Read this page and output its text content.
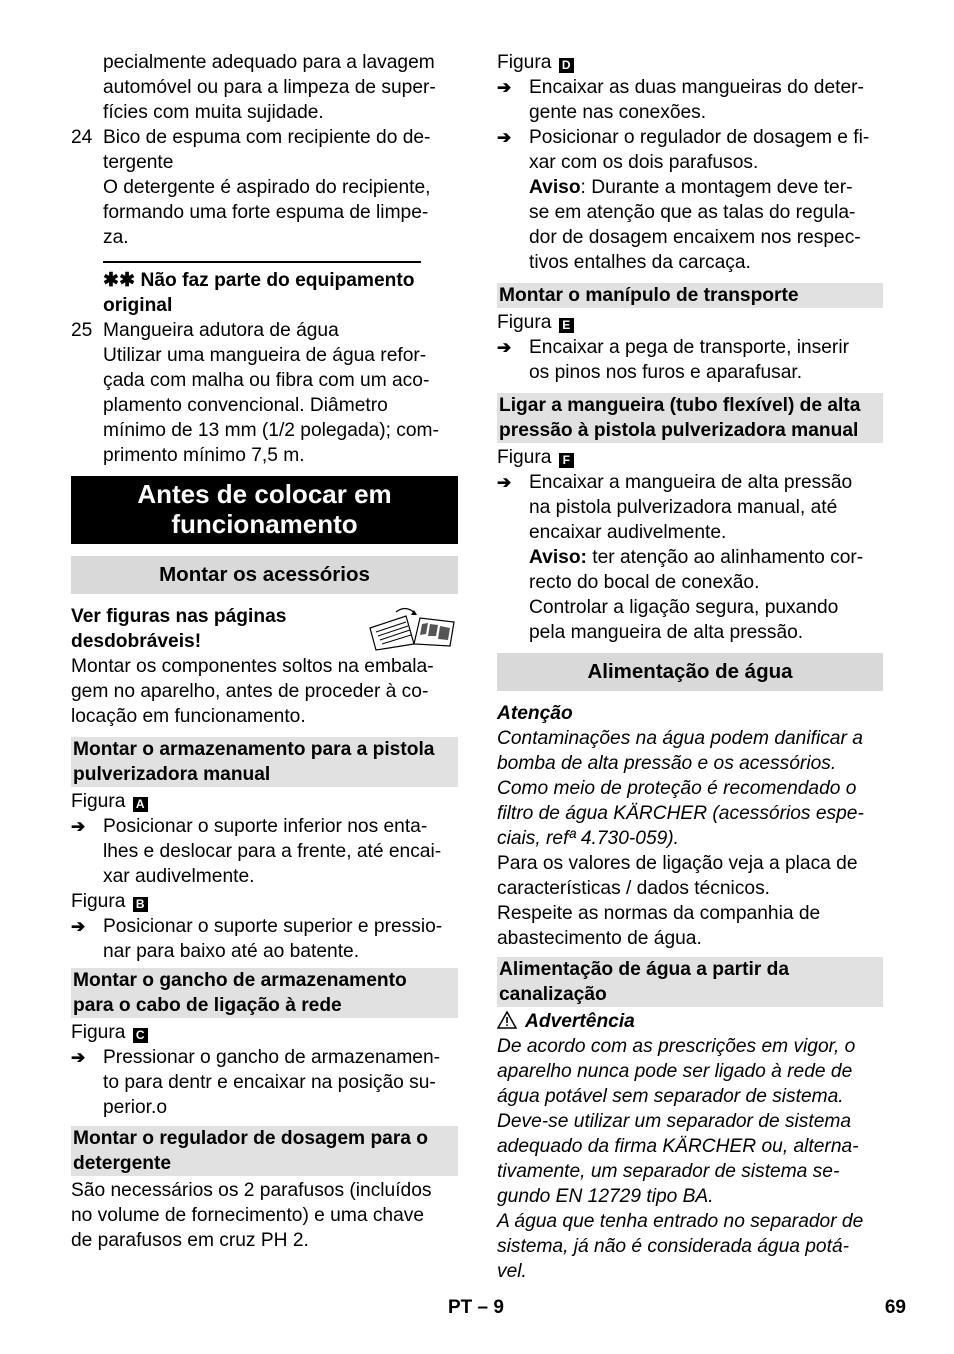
pecialmente adequado para a lavagem

automóvel ou para a limpeza de super-

fícies com muita sujidade.

24 Bico de espuma com recipiente do de-

tergente

O detergente é aspirado do recipiente,

formando uma forte espuma de limpe-

za.

✱✱ Não faz parte do equipamento

original

25 Mangueira adutora de água

Utilizar uma mangueira de água refor-

çada com malha ou fibra com um aco-

plamento convencional. Diâmetro

mínimo de 13 mm (1/2 polegada); com-

primento mínimo 7,5 m.

Antes de colocar em
funcionamento
Montar os acessórios

Ver figuras nas páginas

desdobráveis!

Montar os componentes soltos na embala-

gem no aparelho, antes de proceder à co-

locação em funcionamento.

Montar o armazenamento para a pistola
pulverizadora manual

Figura A

➔ Posicionar o suporte inferior nos enta-

lhes e deslocar para a frente, até encai-

xar audivelmente.

Figura B

➔ Posicionar o suporte superior e pressio-

nar para baixo até ao batente.

Montar o gancho de armazenamento
para o cabo de ligação à rede

Figura C

➔ Pressionar o gancho de armazenamen-

to para dentr e encaixar na posição su-

perior.o

Montar o regulador de dosagem para o
detergente

São necessários os 2 parafusos (incluídos

no volume de fornecimento) e uma chave

de parafusos em cruz PH 2.

Figura D

➔ Encaixar as duas mangueiras do deter-

gente nas conexões.

➔ Posicionar o regulador de dosagem e fi-

xar com os dois parafusos.

Aviso: Durante a montagem deve ter-

se em atenção que as talas do regula-

dor de dosagem encaixem nos respec-

tivos entalhes da carcaça.

Montar o manípulo de transporte

Figura E

➔ Encaixar a pega de transporte, inserir

os pinos nos furos e aparafusar.

Ligar a mangueira (tubo flexível) de alta
pressão à pistola pulverizadora manual

Figura F

➔ Encaixar a mangueira de alta pressão

na pistola pulverizadora manual, até

encaixar audivelmente.

Aviso: ter atenção ao alinhamento cor-

recto do bocal de conexão.

Controlar a ligação segura, puxando

pela mangueira de alta pressão.

Alimentação de água

Atenção

Contaminações na água podem danificar a

bomba de alta pressão e os acessórios.

Como meio de proteção é recomendado o

filtro de água KÄRCHER (acessórios espe-

ciais, refª 4.730-059).

Para os valores de ligação veja a placa de

características / dados técnicos.

Respeite as normas da companhia de

abastecimento de água.

Alimentação de água a partir da
canalização

Advertência

De acordo com as prescrições em vigor, o

aparelho nunca pode ser ligado à rede de

água potável sem separador de sistema.

Deve-se utilizar um separador de sistema

adequado da firma KÄRCHER ou, alterna-

tivamente, um separador de sistema se-

gundo EN 12729 tipo BA.

A água que tenha entrado no separador de

sistema, já não é considerada água potá-

vel.

PT – 9	69
